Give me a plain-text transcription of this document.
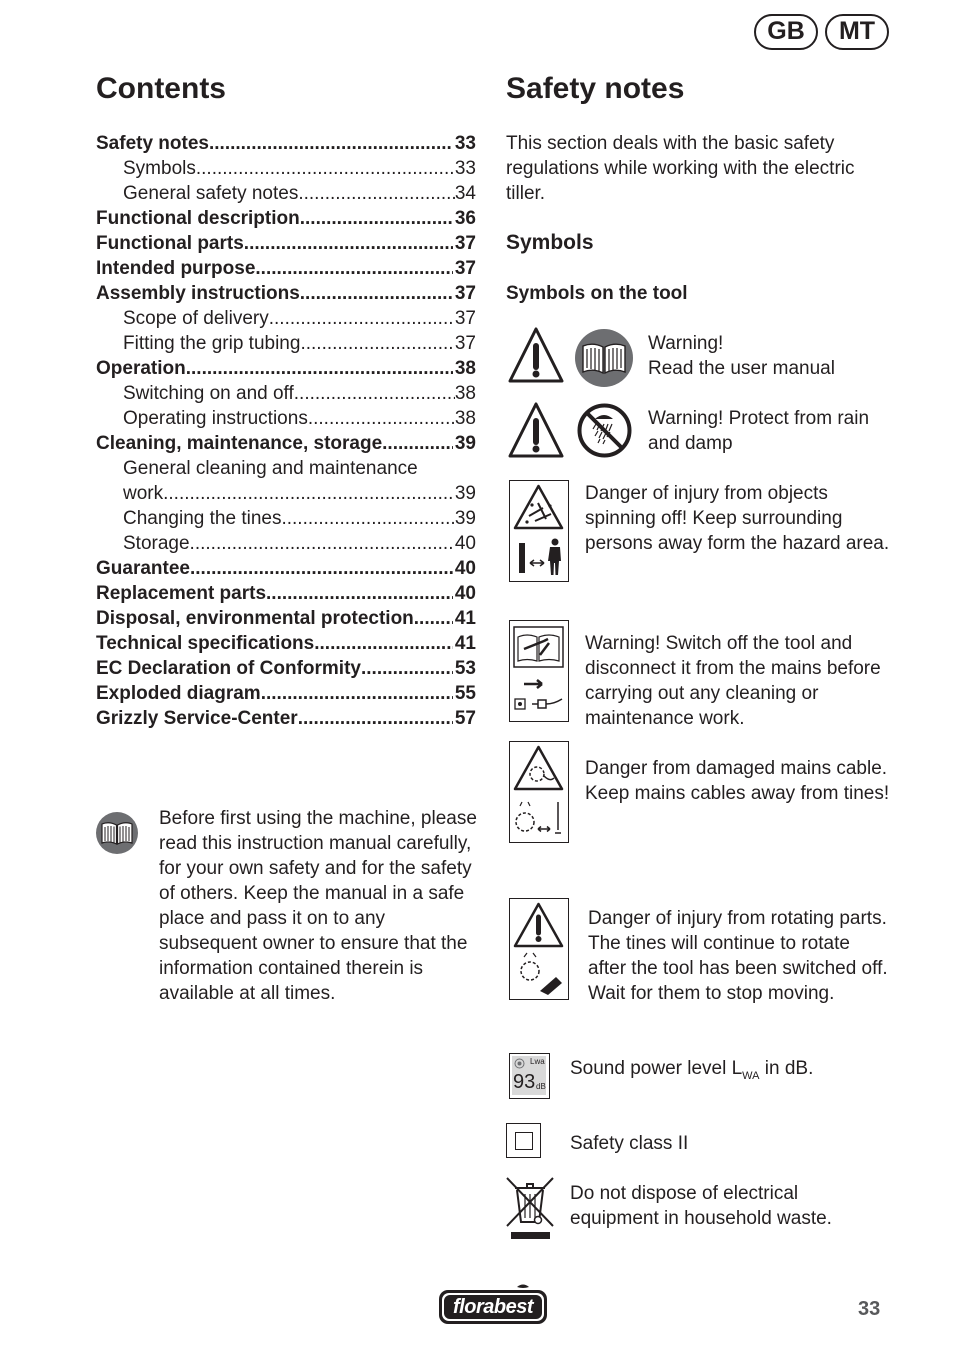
GB	MT
Contents
Safety notes .....	33
Symbols .....	33
General safety notes .....	34
Functional description .....	36
Functional parts .....	37
Intended purpose .....	37
Assembly instructions .....	37
Scope of delivery .....	37
Fitting the grip tubing .....	37
Operation .....	38
Switching on and off .....	38
Operating instructions .....	38
Cleaning, maintenance, storage .....	39
General cleaning and maintenance
work .....	39
Changing the tines .....	39
Storage .....	40
Guarantee .....	40
Replacement parts .....	40
Disposal, environmental protection ..... 41
Technical specifications .....	41
EC Declaration of Conformity .....	53
Exploded diagram .....	55
Grizzly Service-Center .....	57
Before first using the machine, please read this instruction manual carefully, for your own safety and for the safety of others. Keep the manual in a safe place and pass it on to any subsequent owner to ensure that the information contained therein is available at all times.
Safety notes
This section deals with the basic safety regulations while working with the electric tiller.
Symbols
Symbols on the tool
Warning!
Read the user manual
Warning! Protect from rain and damp
Danger of injury from objects spinning off! Keep surrounding persons away form the hazard area.
Warning! Switch off the tool and disconnect it from the mains before carrying out any cleaning or maintenance work.
Danger from damaged mains cable. Keep mains cables away from tines!
Danger of injury from rotating parts. The tines will continue to rotate after the tool has been switched off. Wait for them to stop moving.
Lwa
93 dB
Sound power level $L_{WA}$ in dB.
Safety class II
Do not dispose of electrical equipment in household waste.
florabest	33
